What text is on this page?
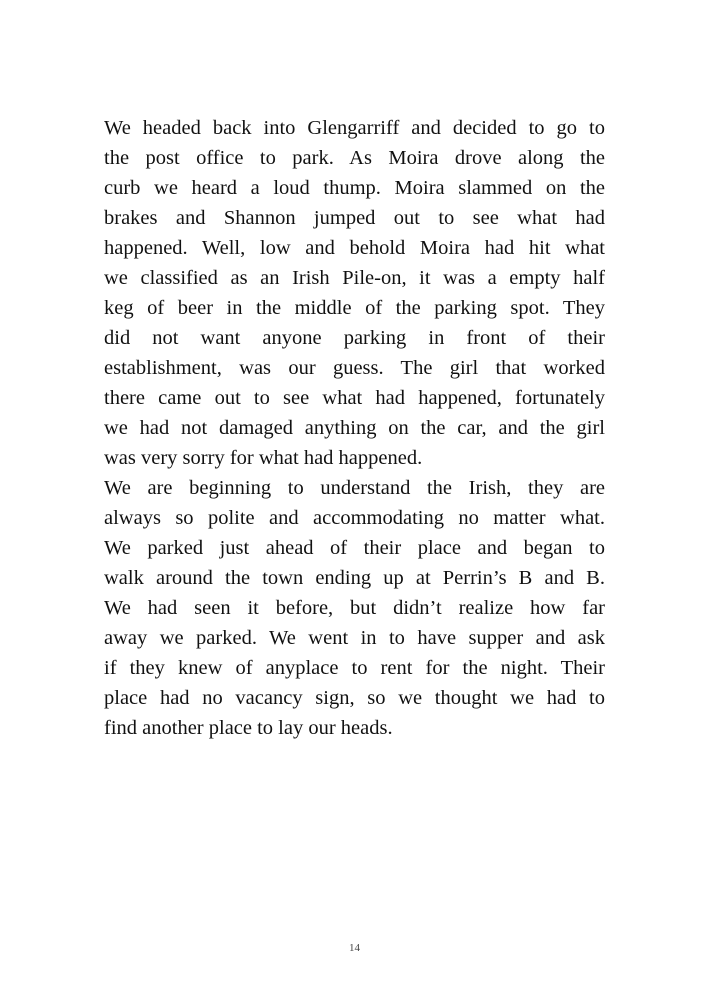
We headed back into Glengarriff and decided to go to
the post office to park. As Moira drove along the
curb we heard a loud thump. Moira slammed on the
brakes and Shannon jumped out to see what had
happened. Well, low and behold Moira had hit what
we classified as an Irish Pile-on, it was a empty half
keg of beer in the middle of the parking spot. They
did not want anyone parking in front of their
establishment, was our guess. The girl that worked
there came out to see what had happened, fortunately
we had not damaged anything on the car, and the girl
was very sorry for what had happened.
We are beginning to understand the Irish, they are
always so polite and accommodating no matter what.
We parked just ahead of their place and began to
walk around the town ending up at Perrin’s B and B.
We had seen it before, but didn’t realize how far
away we parked. We went in to have supper and ask
if they knew of anyplace to rent for the night. Their
place had no vacancy sign, so we thought we had to
find another place to lay our heads.
14
